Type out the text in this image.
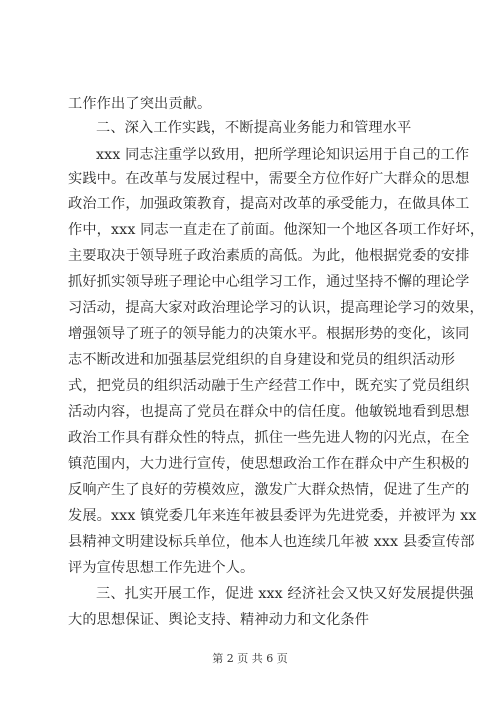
工作作出了突出贡献。
二、深入工作实践，不断提高业务能力和管理水平
xxx 同志注重学以致用，把所学理论知识运用于自己的工作
实践中。在改革与发展过程中，需要全方位作好广大群众的思想
政治工作，加强政策教育，提高对改革的承受能力，在做具体工
作中，xxx 同志一直走在了前面。他深知一个地区各项工作好坏，
主要取决于领导班子政治素质的高低。为此，他根据党委的安排
抓好抓实领导班子理论中心组学习工作，通过坚持不懈的理论学
习活动，提高大家对政治理论学习的认识，提高理论学习的效果，
增强领导了班子的领导能力的决策水平。根据形势的变化，该同
志不断改进和加强基层党组织的自身建设和党员的组织活动形
式，把党员的组织活动融于生产经营工作中，既充实了党员组织
活动内容，也提高了党员在群众中的信任度。他敏锐地看到思想
政治工作具有群众性的特点，抓住一些先进人物的闪光点，在全
镇范围内，大力进行宣传，使思想政治工作在群众中产生积极的
反响产生了良好的劳模效应，激发广大群众热情，促进了生产的
发展。xxx 镇党委几年来连年被县委评为先进党委，并被评为 xx
县精神文明建设标兵单位，他本人也连续几年被 xxx 县委宣传部
评为宣传思想工作先进个人。
三、扎实开展工作，促进 xxx 经济社会又快又好发展提供强
大的思想保证、舆论支持、精神动力和文化条件
第 2 页 共 6 页
